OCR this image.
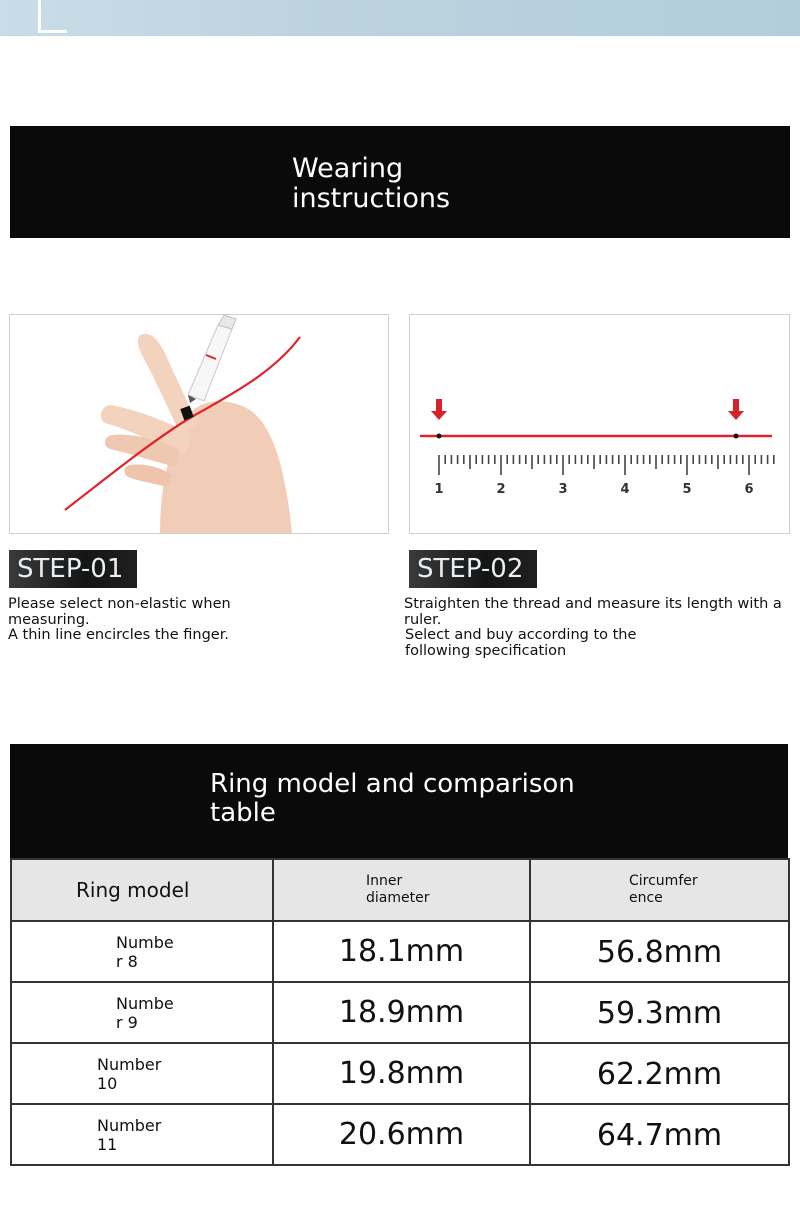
Wearing instructions
1	2	3	4	5	6
STEP-01
Please select non-elastic when measuring.
A thin line encircles the finger.
STEP-02
Straighten the thread and measure its length with a ruler.
Select and buy according to the following specification
Ring model and comparison table
Ring model	Inner diameter	Circumference

Number 8	18.1mm	56.8mm

Number 9	18.9mm	59.3mm

Number 10	19.8mm	62.2mm

Number 11	20.6mm	64.7mm
